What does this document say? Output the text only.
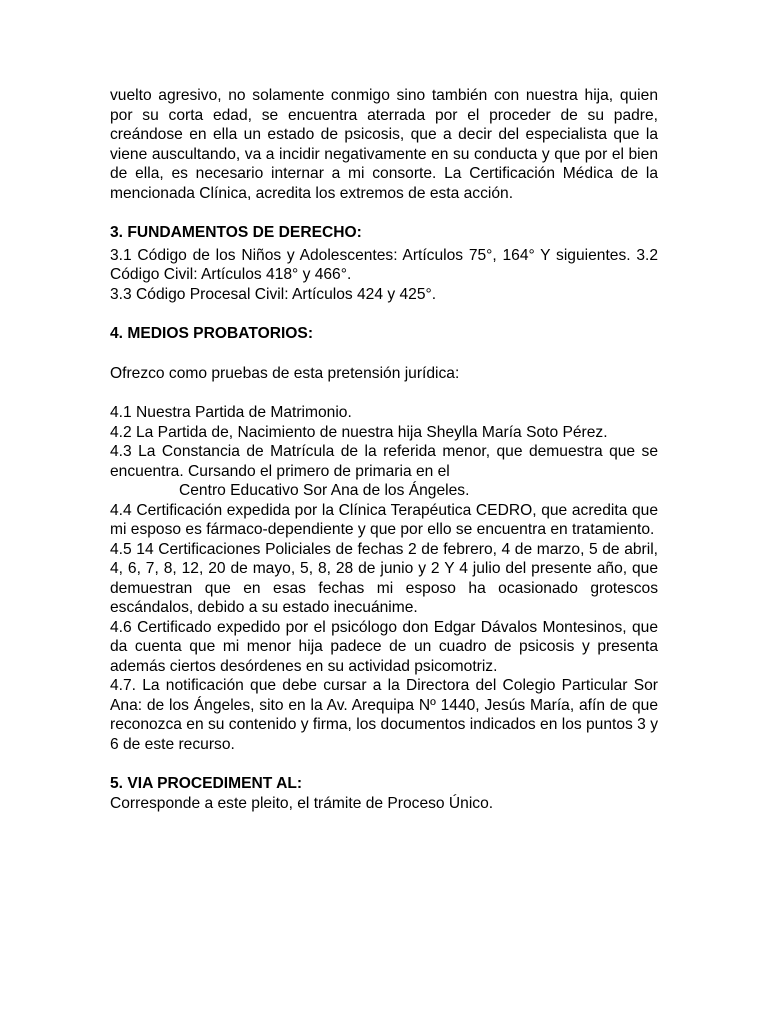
vuelto agresivo, no solamente conmigo sino también con nuestra hija, quien por su corta edad, se encuentra aterrada por el proceder de su padre, creándose en ella un estado de psicosis, que a decir del especialista que la viene auscultando, va a incidir negativamente en su conducta y que por el bien de ella, es necesario internar a mi consorte. La Certificación Médica de la mencionada Clínica, acredita los extremos de esta acción.

3. FUNDAMENTOS DE DERECHO:

3.1 Código de los Niños y Adolescentes: Artículos 75°, 164° Y siguientes. 3.2 Código Civil: Artículos 418° y 466°.

3.3 Código Procesal Civil: Artículos 424 y 425°.

4. MEDIOS PROBATORIOS:

Ofrezco como pruebas de esta pretensión jurídica:

4.1 Nuestra Partida de Matrimonio.

4.2 La Partida de, Nacimiento de nuestra hija Sheylla María Soto Pérez.

4.3 La Constancia de Matrícula de la referida menor, que demuestra que se encuentra. Cursando el primero de primaria en el

Centro Educativo Sor Ana de los Ángeles.

4.4 Certificación expedida por la Clínica Terapéutica CEDRO, que acredita que mi esposo es fármaco-dependiente y que por ello se encuentra en tratamiento.

4.5 14 Certificaciones Policiales de fechas 2 de febrero, 4 de marzo, 5 de abril, 4, 6, 7, 8, 12, 20 de mayo, 5, 8, 28 de junio y 2 Y 4 julio del presente año, que demuestran que en esas fechas mi esposo ha ocasionado grotescos escándalos, debido a su estado inecuánime.

4.6 Certificado expedido por el psicólogo don Edgar Dávalos Montesinos, que da cuenta que mi menor hija padece de un cuadro de psicosis y presenta además ciertos desórdenes en su actividad psicomotriz.

4.7. La notificación que debe cursar a la Directora del Colegio Particular Sor Ana: de los Ángeles, sito en la Av. Arequipa Nº 1440, Jesús María, afín de que reconozca en su contenido y firma, los documentos indicados en los puntos 3 y 6 de este recurso.

5. VIA PROCEDIMENT AL:

Corresponde a este pleito, el trámite de Proceso Único.
